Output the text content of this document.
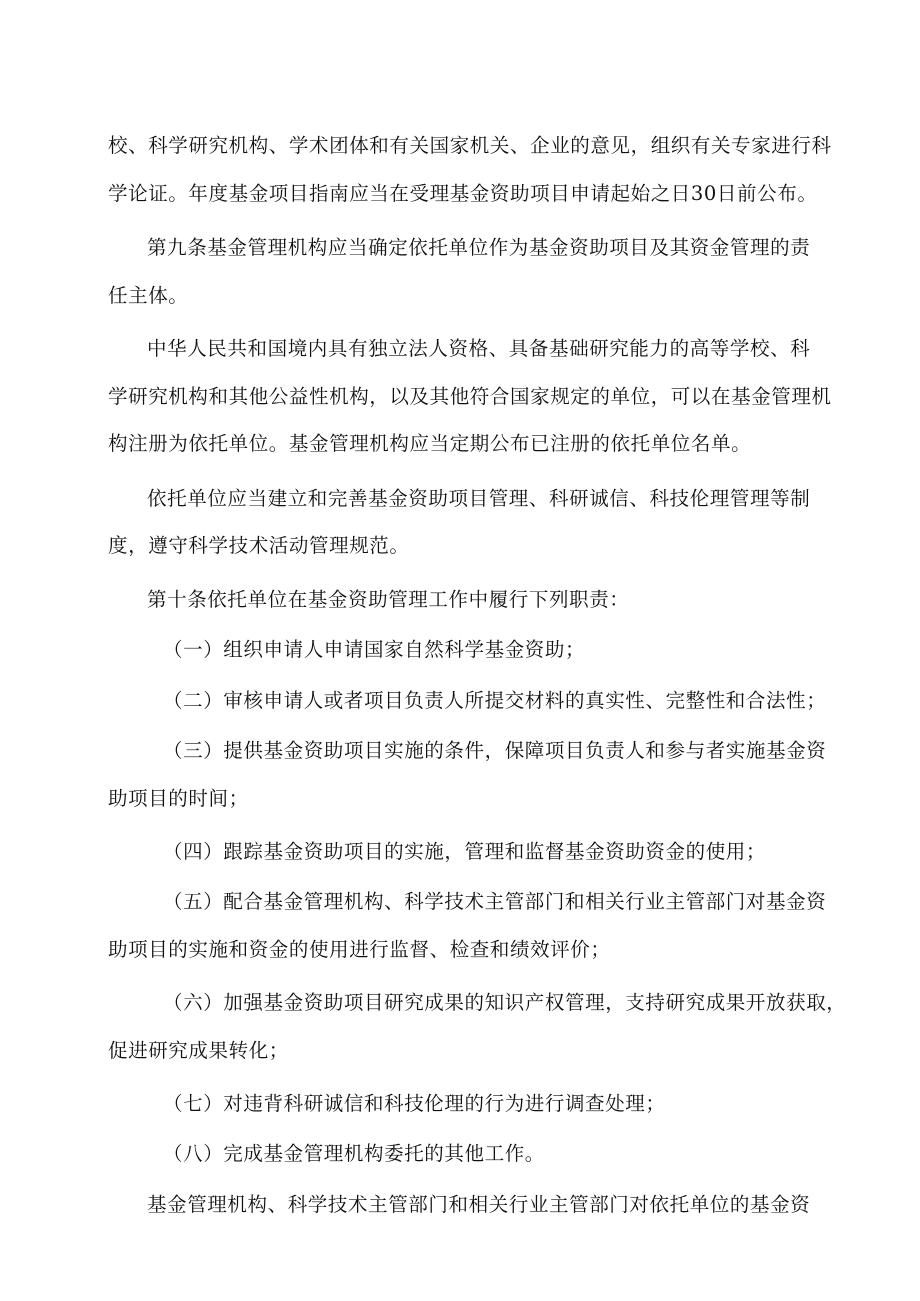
校、科学研究机构、学术团体和有关国家机关、企业的意见，组织有关专家进行科
学论证。年度基金项目指南应当在受理基金资助项目申请起始之日30日前公布。
第九条基金管理机构应当确定依托单位作为基金资助项目及其资金管理的责
任主体。
中华人民共和国境内具有独立法人资格、具备基础研究能力的高等学校、科
学研究机构和其他公益性机构，以及其他符合国家规定的单位，可以在基金管理机
构注册为依托单位。基金管理机构应当定期公布已注册的依托单位名单。
依托单位应当建立和完善基金资助项目管理、科研诚信、科技伦理管理等制
度，遵守科学技术活动管理规范。
第十条依托单位在基金资助管理工作中履行下列职责：
（一）组织申请人申请国家自然科学基金资助；
（二）审核申请人或者项目负责人所提交材料的真实性、完整性和合法性；
（三）提供基金资助项目实施的条件，保障项目负责人和参与者实施基金资
助项目的时间；
（四）跟踪基金资助项目的实施，管理和监督基金资助资金的使用；
（五）配合基金管理机构、科学技术主管部门和相关行业主管部门对基金资
助项目的实施和资金的使用进行监督、检查和绩效评价；
（六）加强基金资助项目研究成果的知识产权管理，支持研究成果开放获取，
促进研究成果转化；
（七）对违背科研诚信和科技伦理的行为进行调查处理；
（八）完成基金管理机构委托的其他工作。
基金管理机构、科学技术主管部门和相关行业主管部门对依托单位的基金资
